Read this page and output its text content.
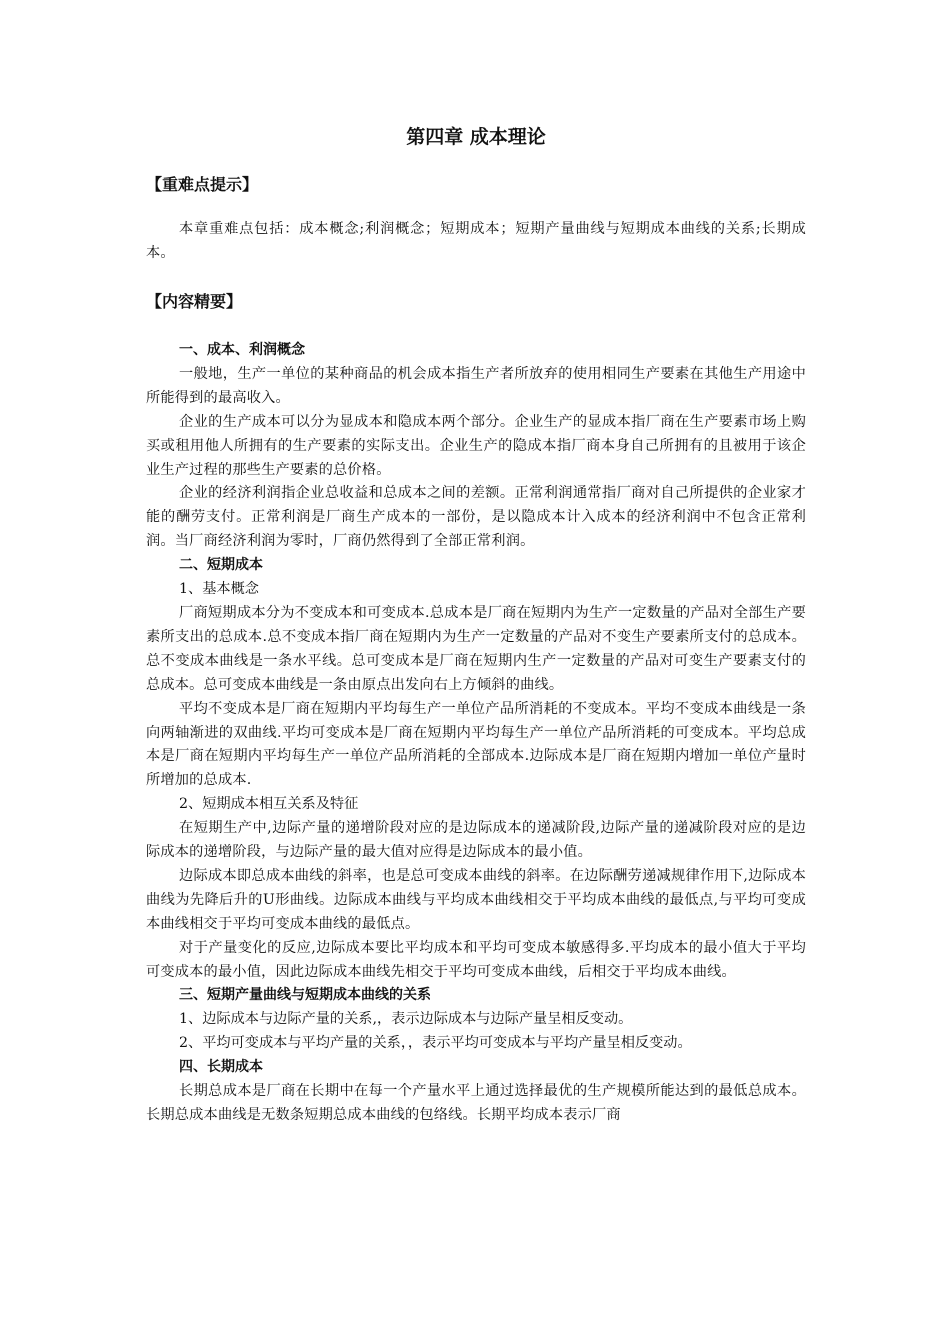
第四章 成本理论
【重难点提示】

本章重难点包括：成本概念;利润概念；短期成本；短期产量曲线与短期成本曲线的关系;长期成本。

【内容精要】

一、成本、利润概念

一般地，生产一单位的某种商品的机会成本指生产者所放弃的使用相同生产要素在其他生产用途中所能得到的最高收入。

企业的生产成本可以分为显成本和隐成本两个部分。企业生产的显成本指厂商在生产要素市场上购买或租用他人所拥有的生产要素的实际支出。企业生产的隐成本指厂商本身自己所拥有的且被用于该企业生产过程的那些生产要素的总价格。

企业的经济利润指企业总收益和总成本之间的差额。正常利润通常指厂商对自己所提供的企业家才能的酬劳支付。正常利润是厂商生产成本的一部份，是以隐成本计入成本的经济利润中不包含正常利润。当厂商经济利润为零时，厂商仍然得到了全部正常利润。

二、短期成本

1、基本概念

厂商短期成本分为不变成本和可变成本.总成本是厂商在短期内为生产一定数量的产品对全部生产要素所支出的总成本.总不变成本指厂商在短期内为生产一定数量的产品对不变生产要素所支付的总成本。总不变成本曲线是一条水平线。总可变成本是厂商在短期内生产一定数量的产品对可变生产要素支付的总成本。总可变成本曲线是一条由原点出发向右上方倾斜的曲线。

平均不变成本是厂商在短期内平均每生产一单位产品所消耗的不变成本。平均不变成本曲线是一条向两轴渐进的双曲线.平均可变成本是厂商在短期内平均每生产一单位产品所消耗的可变成本。平均总成本是厂商在短期内平均每生产一单位产品所消耗的全部成本.边际成本是厂商在短期内增加一单位产量时所增加的总成本.

2、短期成本相互关系及特征

在短期生产中,边际产量的递增阶段对应的是边际成本的递减阶段,边际产量的递减阶段对应的是边际成本的递增阶段，与边际产量的最大值对应得是边际成本的最小值。

边际成本即总成本曲线的斜率，也是总可变成本曲线的斜率。在边际酬劳递减规律作用下,边际成本曲线为先降后升的U形曲线。边际成本曲线与平均成本曲线相交于平均成本曲线的最低点,与平均可变成本曲线相交于平均可变成本曲线的最低点。

对于产量变化的反应,边际成本要比平均成本和平均可变成本敏感得多.平均成本的最小值大于平均可变成本的最小值，因此边际成本曲线先相交于平均可变成本曲线，后相交于平均成本曲线。

三、短期产量曲线与短期成本曲线的关系

1、边际成本与边际产量的关系,，表示边际成本与边际产量呈相反变动。

2、平均可变成本与平均产量的关系，，表示平均可变成本与平均产量呈相反变动。

四、长期成本

长期总成本是厂商在长期中在每一个产量水平上通过选择最优的生产规模所能达到的最低总成本。长期总成本曲线是无数条短期总成本曲线的包络线。长期平均成本表示厂商
